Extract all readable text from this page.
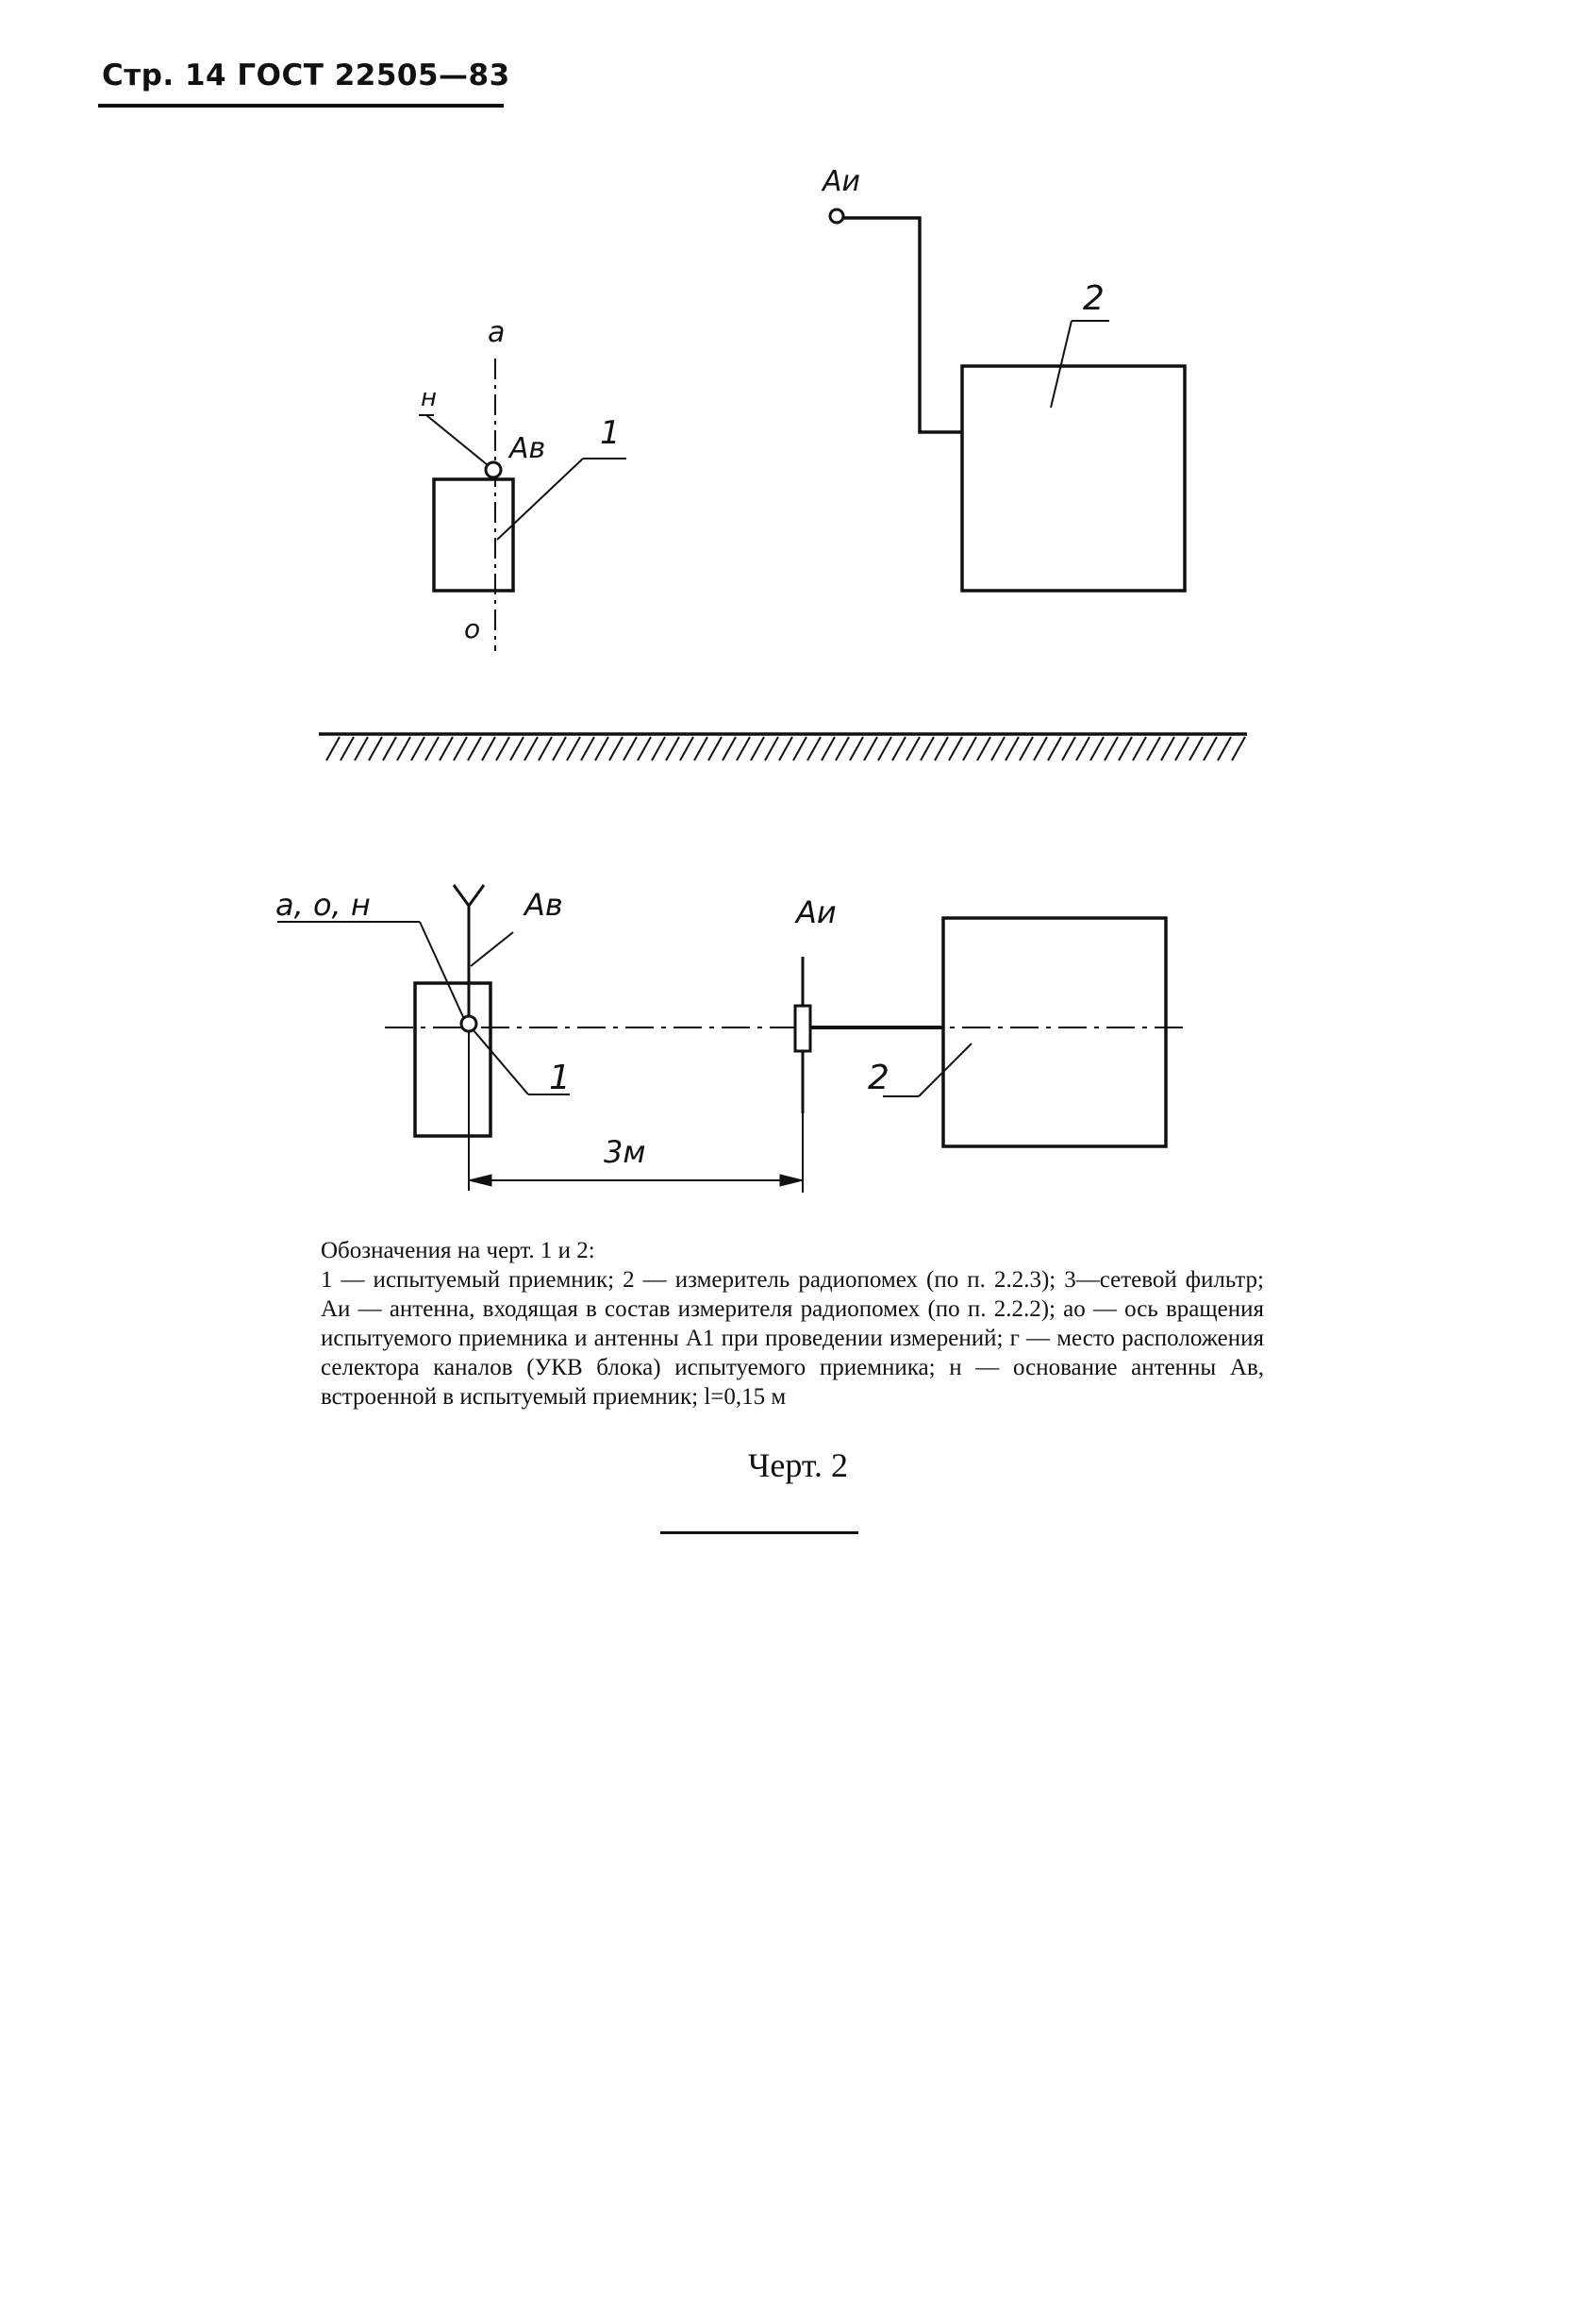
Стр. 14 ГОСТ 22505—83
а
о
н
Aв 1
Aи
2
а, о, н	Aв	Aи
1	2
3м

Обозначения на черт. 1 и 2:

1 — испытуемый приемник; 2 — измеритель радиопомех (по п. 2.2.3); 3—сетевой фильтр; Aи — антенна, входящая в состав измерителя радиопомех (по п. 2.2.2); ао — ось вращения испытуемого приемника и антенны A1 при проведении измерений; г — место расположения селектора каналов (УКВ блока) испытуемого приемника; н — основание антенны Aв, встроенной в испытуемый приемник; l=0,15 м

Черт. 2
